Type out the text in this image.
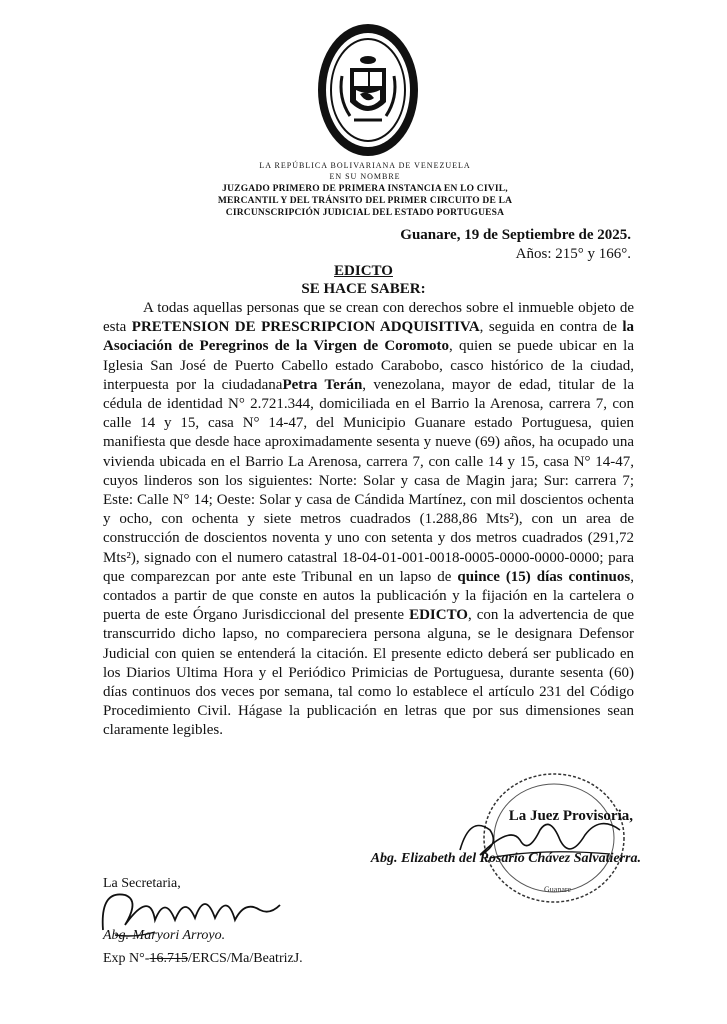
LA REPÚBLICA BOLIVARIANA DE VENEZUELA
EN SU NOMBRE
JUZGADO PRIMERO DE PRIMERA INSTANCIA EN LO CIVIL,
MERCANTIL Y DEL TRÁNSITO DEL PRIMER CIRCUITO DE LA
CIRCUNSCRIPCIÓN JUDICIAL DEL ESTADO PORTUGUESA
Guanare, 19 de Septiembre de 2025.
Años: 215° y 166°.
EDICTO
SE HACE SABER:
A todas aquellas personas que se crean con derechos sobre el inmueble objeto de esta PRETENSION DE PRESCRIPCION ADQUISITIVA, seguida en contra de la Asociación de Peregrinos de la Virgen de Coromoto, quien se puede ubicar en la Iglesia San José de Puerto Cabello estado Carabobo, casco histórico de la ciudad, interpuesta por la ciudadanaPetra Terán, venezolana, mayor de edad, titular de la cédula de identidad N° 2.721.344, domiciliada en el Barrio la Arenosa, carrera 7, con calle 14 y 15, casa N° 14-47, del Municipio Guanare estado Portuguesa, quien manifiesta que desde hace aproximadamente sesenta y nueve (69) años, ha ocupado una vivienda ubicada en el Barrio La Arenosa, carrera 7, con calle 14 y 15, casa N° 14-47, cuyos linderos son los siguientes: Norte: Solar y casa de Magin jara; Sur: carrera 7; Este: Calle N° 14; Oeste: Solar y casa de Cándida Martínez, con mil doscientos ochenta y ocho, con ochenta y siete metros cuadrados (1.288,86 Mts²), con un area de construcción de doscientos noventa y uno con setenta y dos metros cuadrados (291,72 Mts²), signado con el numero catastral 18-04-01-001-0018-0005-0000-0000-0000; para que comparezcan por ante este Tribunal en un lapso de quince (15) días continuos, contados a partir de que conste en autos la publicación y la fijación en la cartelera o puerta de este Órgano Jurisdiccional del presente EDICTO, con la advertencia de que transcurrido dicho lapso, no compareciera persona alguna, se le designara Defensor Judicial con quien se entenderá la citación. El presente edicto deberá ser publicado en los Diarios Ultima Hora y el Periódico Primicias de Portuguesa, durante sesenta (60) días continuos dos veces por semana, tal como lo establece el artículo 231 del Código Procedimiento Civil. Hágase la publicación en letras que por sus dimensiones sean claramente legibles.
Guanare
La Juez Provisoria,
Abg. Elizabeth del Rosario Chávez Salvatierra.
La Secretaria,
Abg. Maryori Arroyo.
Exp N°-16.715/ERCS/Ma/BeatrizJ.
